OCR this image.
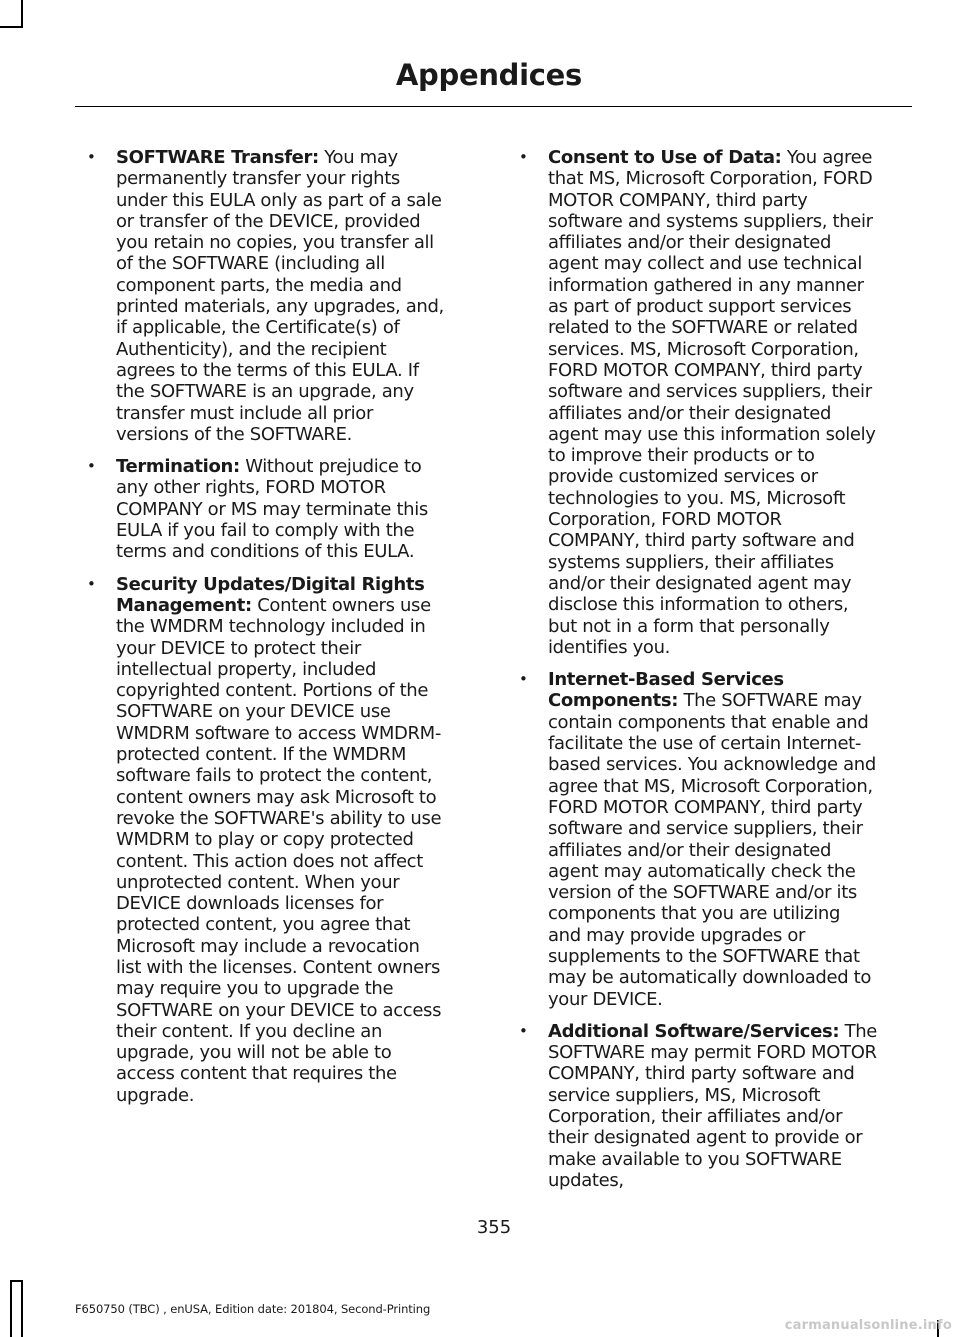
Appendices
• SOFTWARE Transfer: You may permanently transfer your rights under this EULA only as part of a sale or transfer of the DEVICE, provided you retain no copies, you transfer all of the SOFTWARE (including all component parts, the media and printed materials, any upgrades, and, if applicable, the Certificate(s) of Authenticity), and the recipient agrees to the terms of this EULA. If the SOFTWARE is an upgrade, any transfer must include all prior versions of the SOFTWARE.
• Termination: Without prejudice to any other rights, FORD MOTOR COMPANY or MS may terminate this EULA if you fail to comply with the terms and conditions of this EULA.
• Security Updates/Digital Rights Management: Content owners use the WMDRM technology included in your DEVICE to protect their intellectual property, included copyrighted content. Portions of the SOFTWARE on your DEVICE use WMDRM software to access WMDRM-protected content. If the WMDRM software fails to protect the content, content owners may ask Microsoft to revoke the SOFTWARE's ability to use WMDRM to play or copy protected content. This action does not affect unprotected content. When your DEVICE downloads licenses for protected content, you agree that Microsoft may include a revocation list with the licenses. Content owners may require you to upgrade the SOFTWARE on your DEVICE to access their content. If you decline an upgrade, you will not be able to access content that requires the upgrade.
• Consent to Use of Data: You agree that MS, Microsoft Corporation, FORD MOTOR COMPANY, third party software and systems suppliers, their affiliates and/or their designated agent may collect and use technical information gathered in any manner as part of product support services related to the SOFTWARE or related services. MS, Microsoft Corporation, FORD MOTOR COMPANY, third party software and services suppliers, their affiliates and/or their designated agent may use this information solely to improve their products or to provide customized services or technologies to you. MS, Microsoft Corporation, FORD MOTOR COMPANY, third party software and systems suppliers, their affiliates and/or their designated agent may disclose this information to others, but not in a form that personally identifies you.
• Internet-Based Services Components: The SOFTWARE may contain components that enable and facilitate the use of certain Internet-based services. You acknowledge and agree that MS, Microsoft Corporation, FORD MOTOR COMPANY, third party software and service suppliers, their affiliates and/or their designated agent may automatically check the version of the SOFTWARE and/or its components that you are utilizing and may provide upgrades or supplements to the SOFTWARE that may be automatically downloaded to your DEVICE.
• Additional Software/Services: The SOFTWARE may permit FORD MOTOR COMPANY, third party software and service suppliers, MS, Microsoft Corporation, their affiliates and/or their designated agent to provide or make available to you SOFTWARE updates,
355
F650750 (TBC) , enUSA, Edition date: 201804, Second-Printing
carmanualsonline.info
